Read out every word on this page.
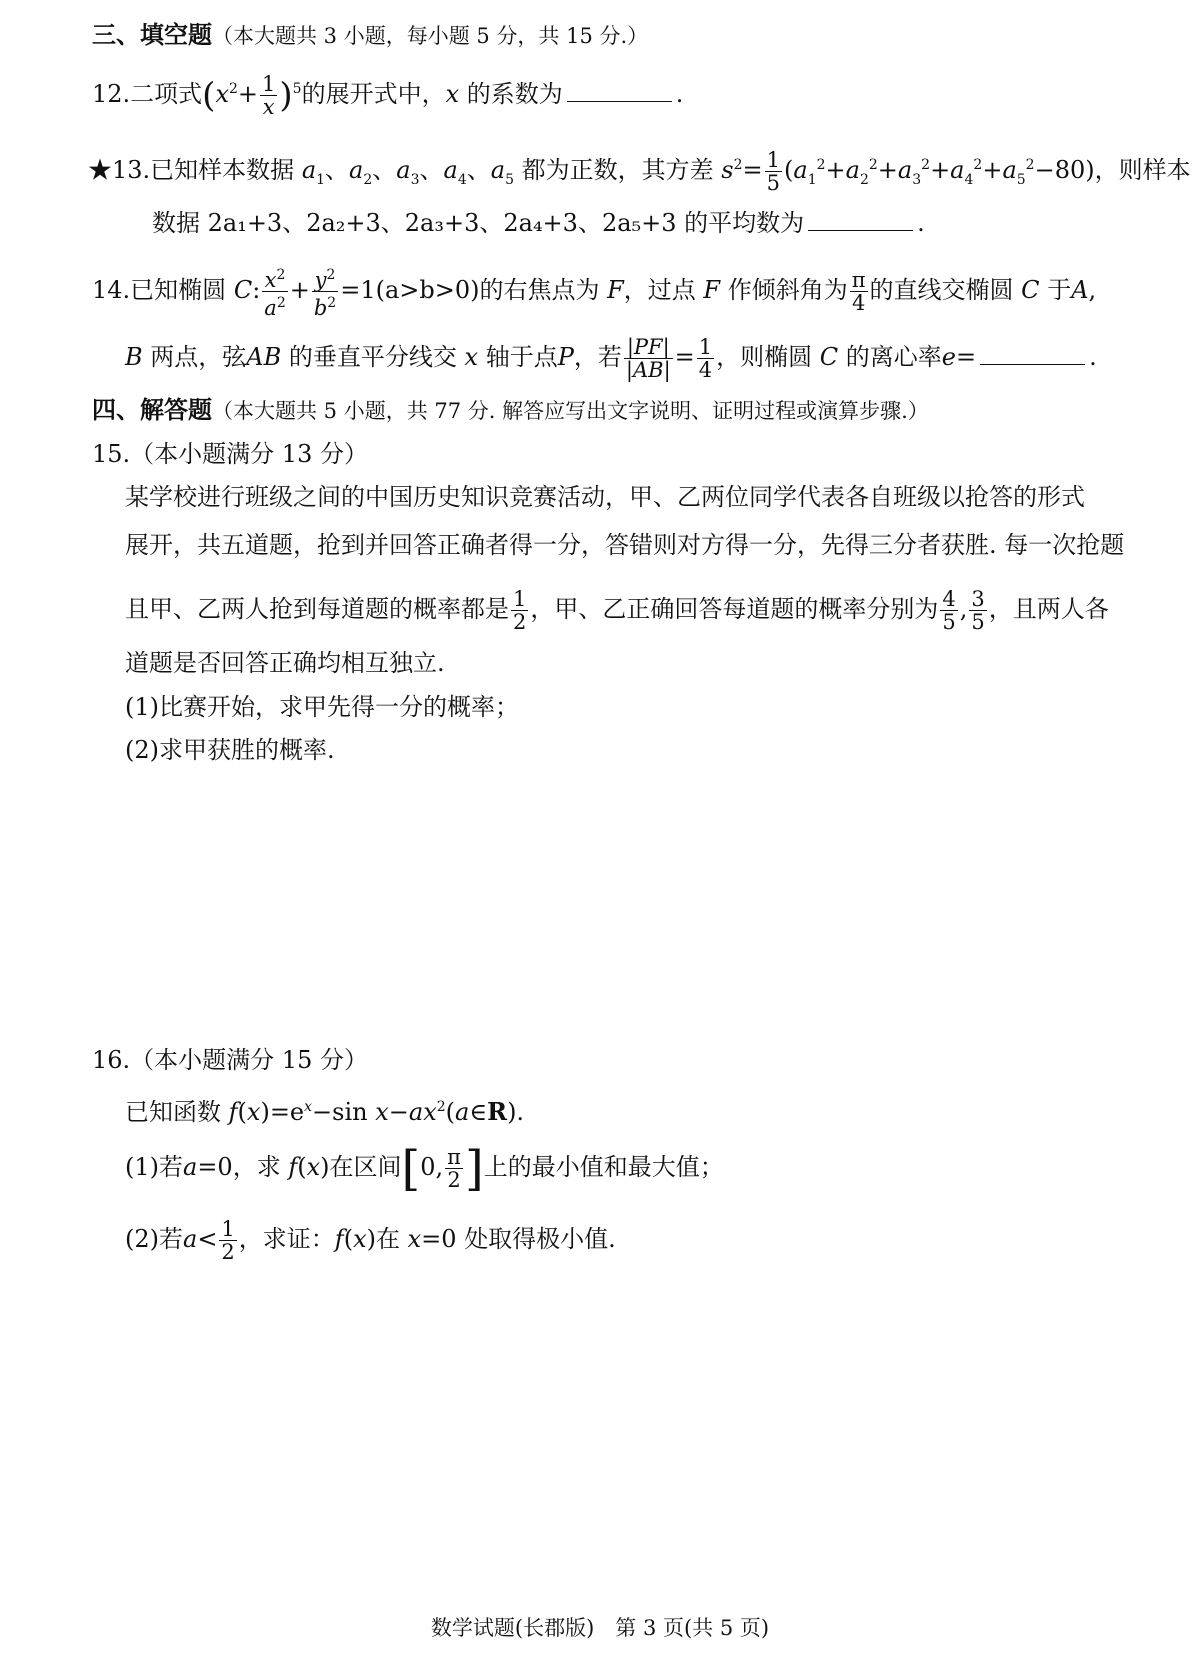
三、填空题（本大题共 3 小题，每小题 5 分，共 15 分.）
12.二项式$(x^2+ \frac{1}{x} )^5$的展开式中，x 的系数为	.
★13.已知样本数据 $a_1$、$a_2$、$a_3$、$a_4$、$a_5$ 都为正数，其方差 $s^2= \frac{1}{5} (a_1^2+a_2^2+a_3^2+a_4^2+a_5^2-80)$，则样本
数据 2a₁+3、2a₂+3、2a₃+3、2a₄+3、2a₅+3 的平均数为	.
14.已知椭圆 C: $\frac{x^2}{a^2} + \frac{y^2}{b^2} =1(a>b>0)$的右焦点为 F，过点 F 作倾斜角为 $\frac{\pi}{4}$ 的直线交椭圆 C 于A,
B 两点，弦AB 的垂直平分线交 x 轴于点P，若 $\frac{|PF|}{|AB|} = \frac{1}{4}$ ，则椭圆 C 的离心率e=	.
四、解答题（本大题共 5 小题，共 77 分. 解答应写出文字说明、证明过程或演算步骤.）
15.（本小题满分 13 分）
某学校进行班级之间的中国历史知识竞赛活动，甲、乙两位同学代表各自班级以抢答的形式
展开，共五道题，抢到并回答正确者得一分，答错则对方得一分，先得三分者获胜. 每一次抢题
且甲、乙两人抢到每道题的概率都是 $\frac{1}{2}$ ，甲、乙正确回答每道题的概率分别为 $\frac{4}{5}$ , $\frac{3}{5}$ ，且两人各
道题是否回答正确均相互独立.
(1)比赛开始，求甲先得一分的概率；
(2)求甲获胜的概率.
16.（本小题满分 15 分）
已知函数 $f(x)=e^x-\sin$ $x-ax^2(a\in R)$.
(1)若a=0，求 f(x)在区间[0, $\frac{\pi}{2}$ ]上的最小值和最大值；
(2)若$a< \frac{1}{2}$ ，求证：f(x)在 x=0 处取得极小值.
数学试题(长郡版)　第 3 页(共 5 页)
